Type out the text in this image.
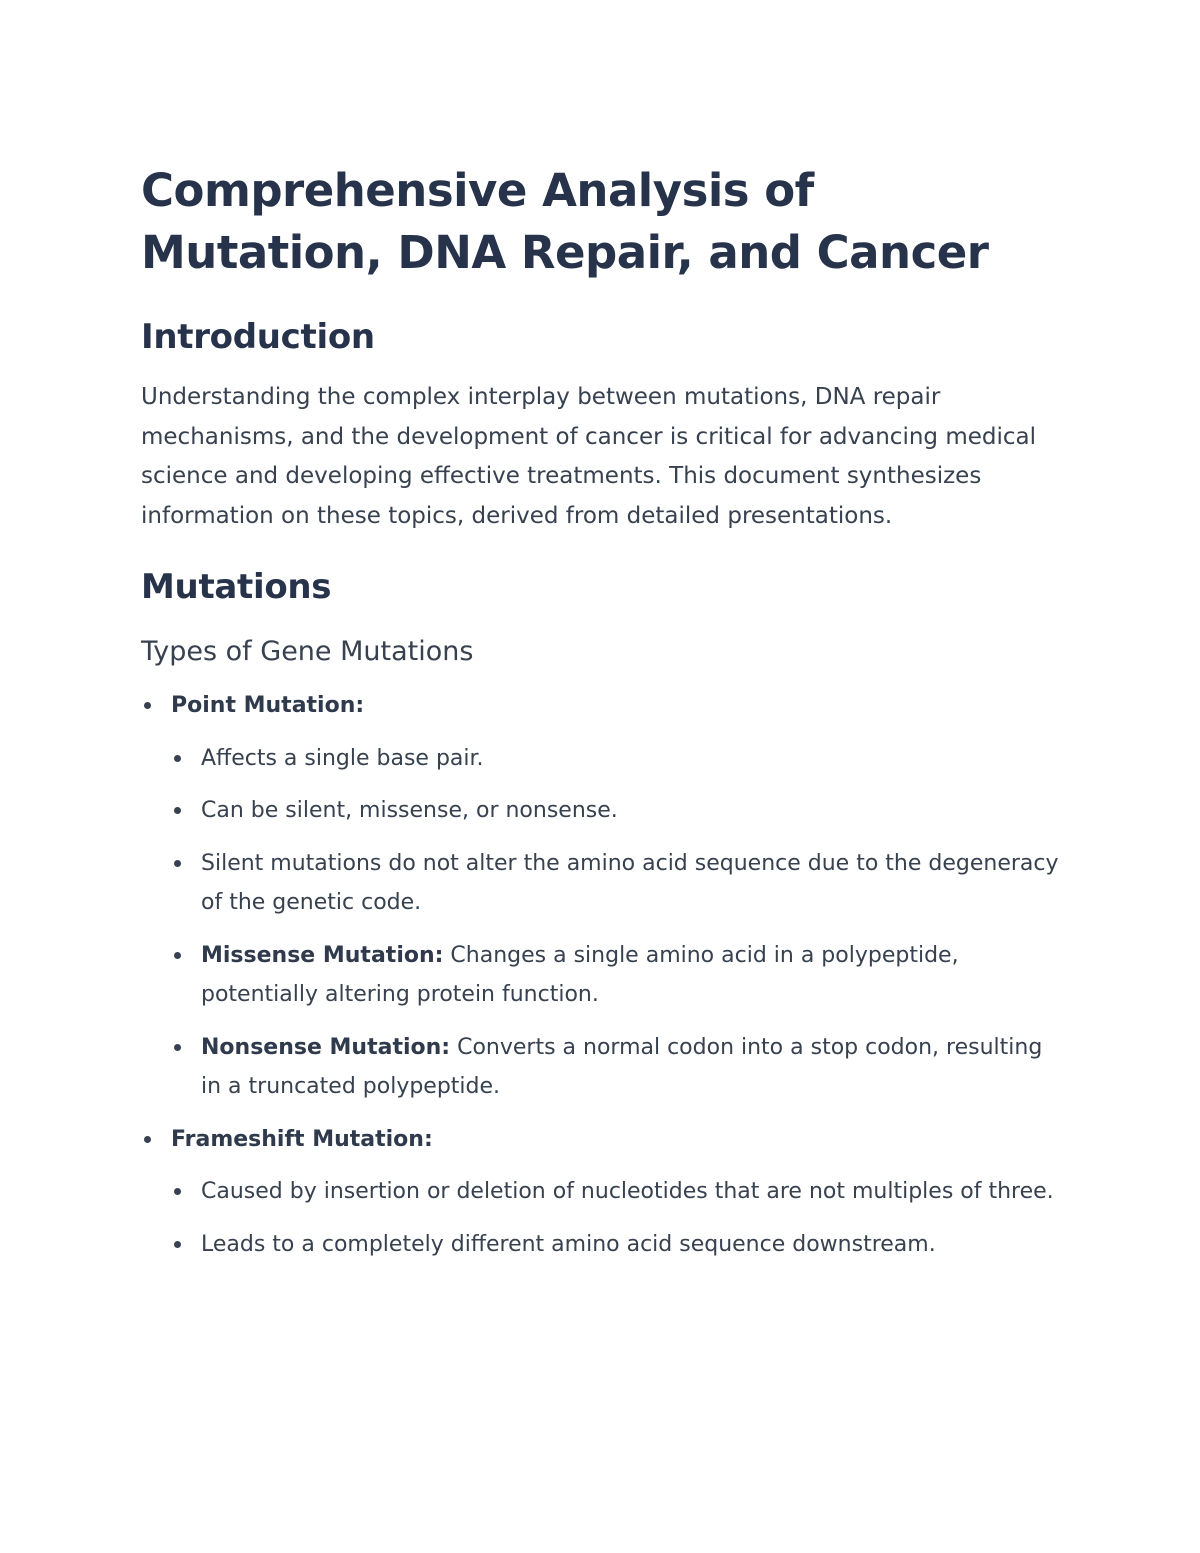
Comprehensive Analysis of Mutation, DNA Repair, and Cancer
Introduction

Understanding the complex interplay between mutations, DNA repair mechanisms, and the development of cancer is critical for advancing medical science and developing effective treatments. This document synthesizes information on these topics, derived from detailed presentations.

Mutations
Types of Gene Mutations
Point Mutation:
Affects a single base pair.
Can be silent, missense, or nonsense.
Silent mutations do not alter the amino acid sequence due to the degeneracy of the genetic code.
Missense Mutation: Changes a single amino acid in a polypeptide, potentially altering protein function.
Nonsense Mutation: Converts a normal codon into a stop codon, resulting in a truncated polypeptide.
Frameshift Mutation:
Caused by insertion or deletion of nucleotides that are not multiples of three.
Leads to a completely different amino acid sequence downstream.
